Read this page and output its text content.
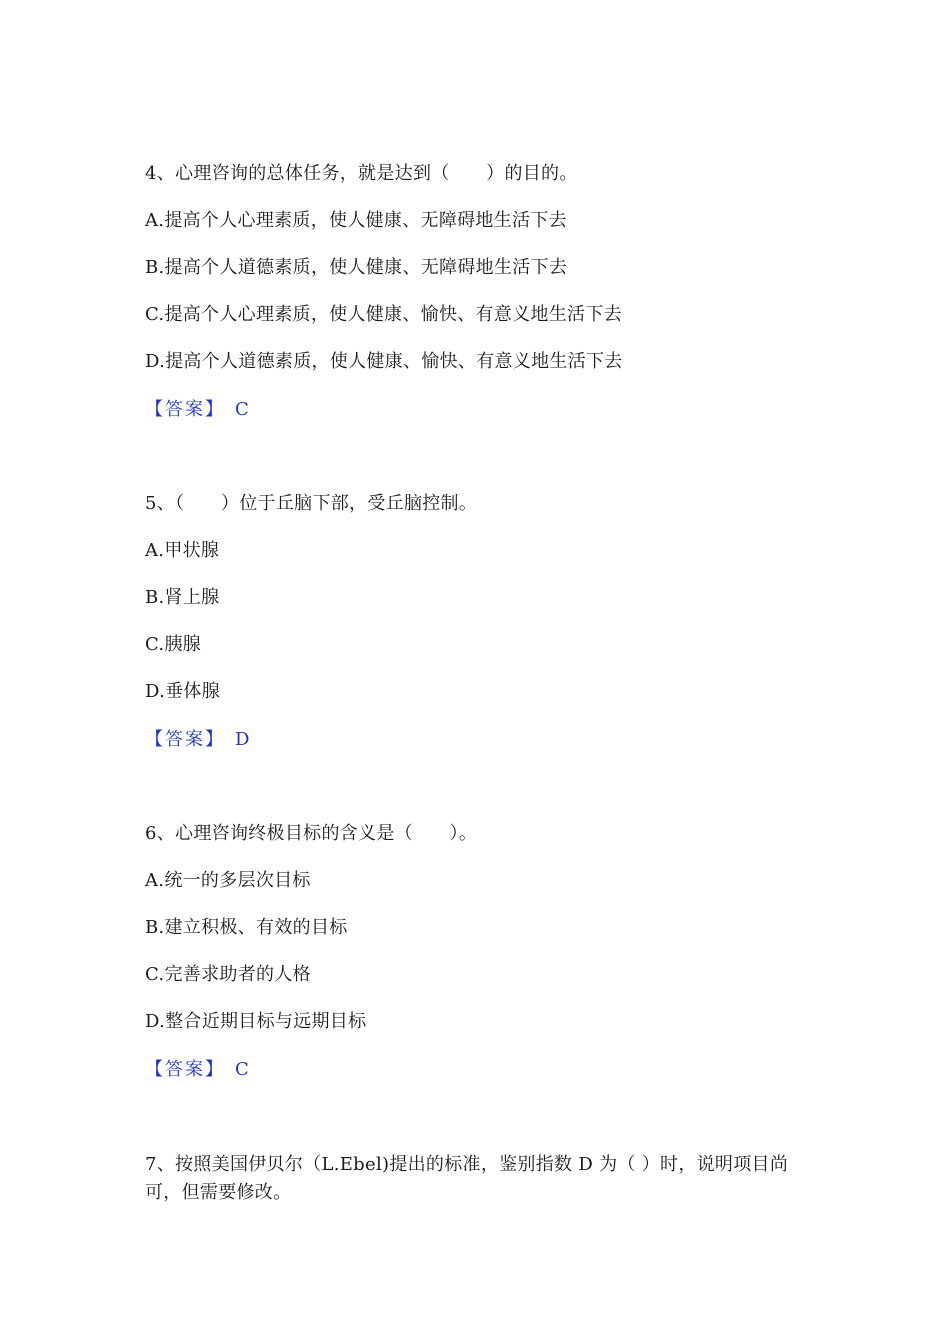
4、心理咨询的总体任务，就是达到（　　）的目的。
A.提高个人心理素质，使人健康、无障碍地生活下去
B.提高个人道德素质，使人健康、无障碍地生活下去
C.提高个人心理素质，使人健康、愉快、有意义地生活下去
D.提高个人道德素质，使人健康、愉快、有意义地生活下去
【答案】 C
5、（　　）位于丘脑下部，受丘脑控制。
A.甲状腺
B.肾上腺
C.胰腺
D.垂体腺
【答案】 D
6、心理咨询终极目标的含义是（　　）。
A.统一的多层次目标
B.建立积极、有效的目标
C.完善求助者的人格
D.整合近期目标与远期目标
【答案】 C
7、按照美国伊贝尔（L.Ebel)提出的标准，鉴别指数 D 为（ ）时，说明项目尚可，但需要修改。
